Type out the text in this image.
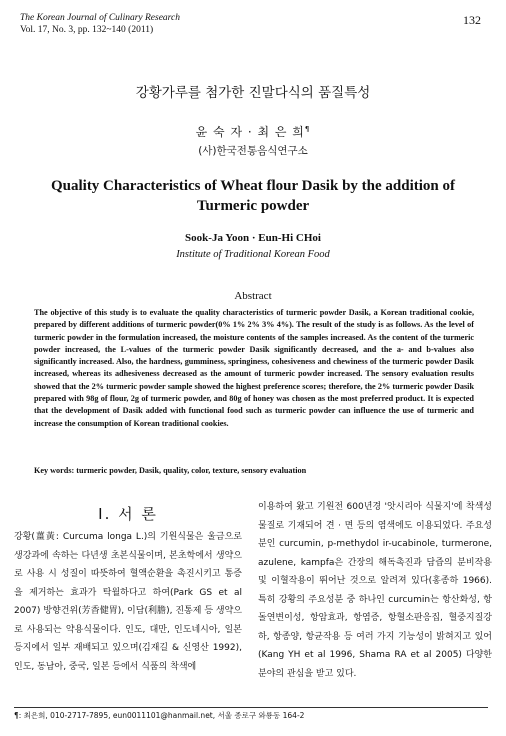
The Korean Journal of Culinary Research
Vol. 17, No. 3, pp. 132~140 (2011)
132
강황가루를 첨가한 진말다식의 품질특성
윤 숙 자 · 최 은 희¶
(사)한국전통음식연구소
Quality Characteristics of Wheat flour Dasik by the addition of Turmeric powder
Sook-Ja Yoon · Eun-Hi CHoi
Institute of Traditional Korean Food
Abstract

The objective of this study is to evaluate the quality characteristics of turmeric powder Dasik, a Korean traditional cookie, prepared by different additions of turmeric powder(0% 1% 2% 3% 4%). The result of the study is as follows. As the level of turmeric powder in the formulation increased, the moisture contents of the samples increased. As the content of the turmeric powder increased, the L-values of the turmeric powder Dasik significantly decreased, and the a- and b-values also significantly increased. Also, the hardness, gumminess, springiness, cohesiveness and chewiness of the turmeric powder Dasik increased, whereas its adhesiveness decreased as the amount of turmeric powder increased. The sensory evaluation results showed that the 2% turmeric powder sample showed the highest preference scores; therefore, the 2% turmeric powder Dasik prepared with 98g of flour, 2g of turmeric powder, and 80g of honey was chosen as the most preferred product. It is expected that the development of Dasik added with functional food such as turmeric powder can influence the use of turmeric and increase the consumption of Korean traditional cookies.

Key words: turmeric powder, Dasik, quality, color, texture, sensory evaluation
Ⅰ. 서 론

강황(薑黃: Curcuma longa L.)의 기원식물은 울금으로 생강과에 속하는 다년생 초본식물이며, 본초학에서 생약으로 사용 시 성질이 따뜻하여 혈액순환을 촉진시키고 통증을 제거하는 효과가 탁월하다고 하여(Park GS et al 2007) 방향건위(芳香健胃), 이담(利膽), 진통제 등 생약으로 사용되는 약용식물이다. 인도, 대만, 인도네시아, 일본 등지에서 일부 재배되고 있으며(김재길 & 신영산 1992), 인도, 동남아, 중국, 일본 등에서 식품의 착색에

이용하여 왔고 기원전 600년경 '앗시리아 식물지'에 착색성 물질로 기재되어 견 · 면 등의 염색에도 이용되었다. 주요성분인 curcumin, p-methydol ir-ucabinole, turmerone, azulene, kampfa은 간장의 해독촉진과 담즙의 분비작용 및 이혈작용이 뛰어난 것으로 알려져 있다(홍종하 1966). 특히 강황의 주요성분 중 하나인 curcumin는 항산화성, 항돌연변이성, 항암효과, 항염증, 항혈소판응집, 혈중지질강하, 항종양, 항균작용 등 여러 가지 기능성이 밝혀지고 있어(Kang YH et al 1996, Shama RA et al 2005) 다양한 분야의 관심을 받고 있다.

¶: 최은희, 010-2717-7895, eun0011101@hanmail.net, 서울 종로구 와룡동 164-2
